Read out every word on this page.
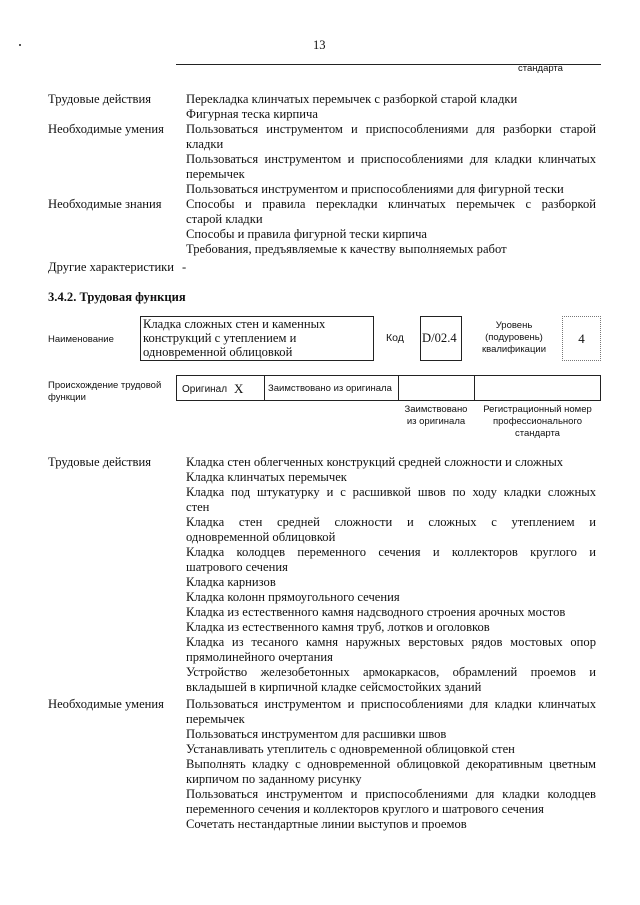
13
стандарта
Трудовые действия	Перекладка клинчатых перемычек с разборкой старой кладки
Фигурная теска кирпича
Необходимые умения Пользоваться инструментом и приспособлениями для разборки старой
кладки
Пользоваться инструментом и приспособлениями для кладки клинчатых
перемычек
Пользоваться инструментом и приспособлениями для фигурной тески
Необходимые знания Способы и правила перекладки клинчатых перемычек с разборкой
старой кладки
Способы и правила фигурной тески кирпича
Требования, предъявляемые к качеству выполняемых работ
Другие характеристики -
3.4.2. Трудовая функция
Наименование
Кладка сложных стен и каменных
конструкций с утеплением и
одновременной облицовкой
Код D/02.4
Уровень
(подуровень)
квалификации
4
Происхождение трудовой
функции
Оригинал X	Заимствовано из оригинала
Заимствовано
из оригинала
Регистрационный номер
профессионального
стандарта
Трудовые действия	Кладка стен облегченных конструкций средней сложности и сложных
Кладка клинчатых перемычек
Кладка под штукатурку и с расшивкой швов по ходу кладки сложных
стен
Кладка стен средней сложности и сложных с утеплением и
одновременной облицовкой
Кладка колодцев переменного сечения и коллекторов круглого и
шатрового сечения
Кладка карнизов
Кладка колонн прямоугольного сечения
Кладка из естественного камня надсводного строения арочных мостов
Кладка из естественного камня труб, лотков и оголовков
Кладка из тесаного камня наружных верстовых рядов мостовых опор
прямолинейного очертания
Устройство железобетонных армокаркасов, обрамлений проемов и
вкладышей в кирпичной кладке сейсмостойких зданий
Необходимые умения Пользоваться инструментом и приспособлениями для кладки клинчатых
перемычек
Пользоваться инструментом для расшивки швов
Устанавливать утеплитель с одновременной облицовкой стен
Выполнять кладку с одновременной облицовкой декоративным цветным
кирпичом по заданному рисунку
Пользоваться инструментом и приспособлениями для кладки колодцев
переменного сечения и коллекторов круглого и шатрового сечения
Сочетать нестандартные линии выступов и проемов
